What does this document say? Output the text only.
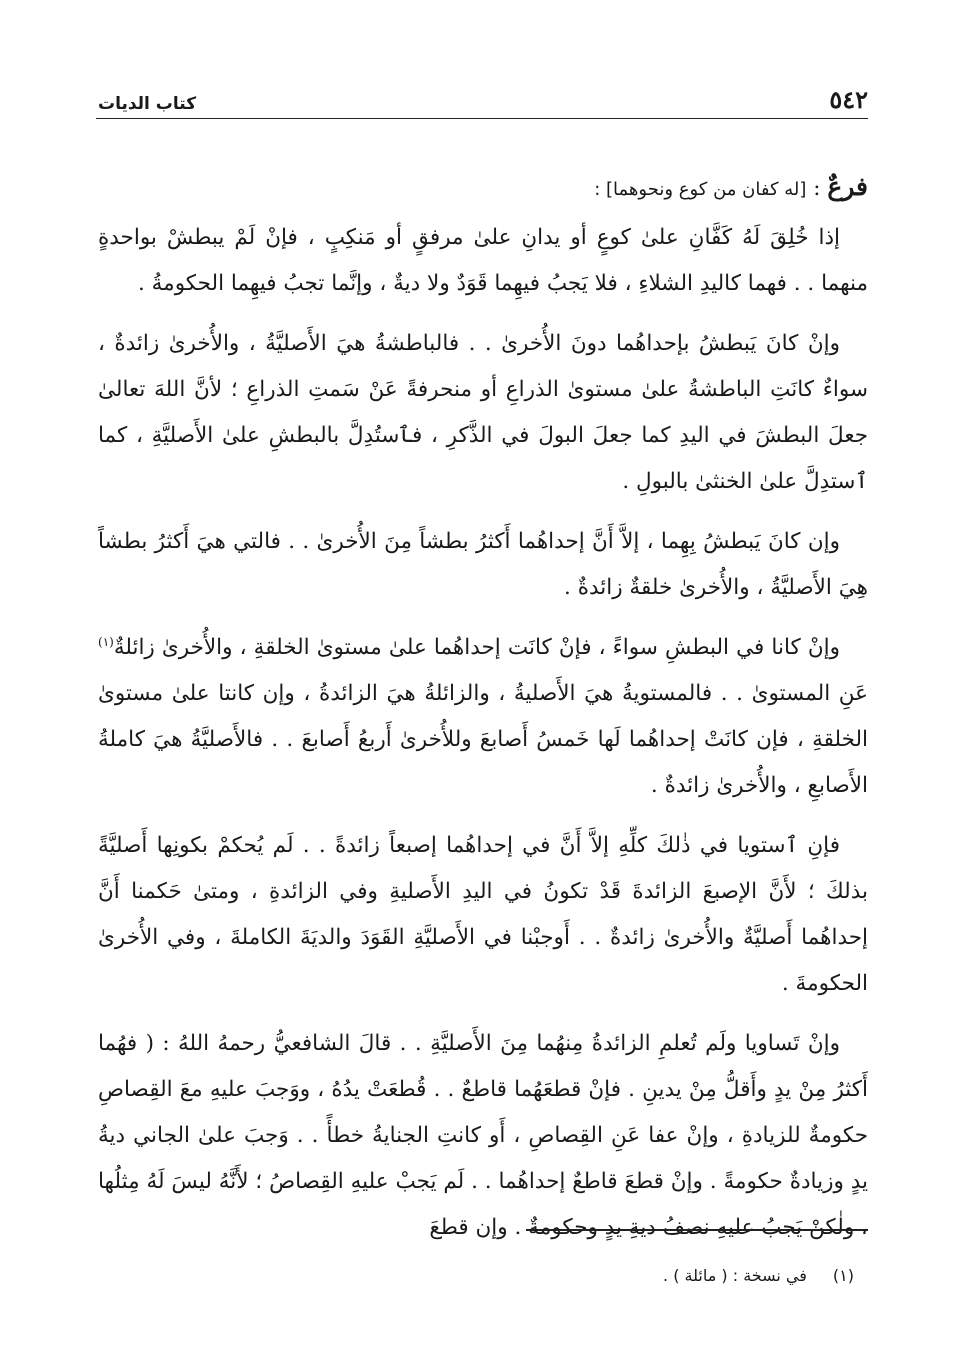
٥٤٢
كتاب الديات

فرعٌ : [له كفان من كوع ونحوهما] :

إذا خُلِقَ لَهُ كَفَّانِ علىٰ كوعٍ أو يدانِ علىٰ مرفقٍ أو مَنكِبٍ ، فإنْ لَمْ يبطشْ بواحدةٍ منهما . . فهما كاليدِ الشلاءِ ، فلا يَجبُ فيهِما قَوَدٌ ولا ديةٌ ، وإنَّما تجبُ فيهِما الحكومةُ .

وإنْ كانَ يَبطشُ بإحداهُما دونَ الأُخرىٰ . . فالباطشةُ هيَ الأَصليَّةُ ، والأُخرىٰ زائدةٌ ، سواءٌ كانَتِ الباطشةُ علىٰ مستوىٰ الذراعِ أو منحرفةً عَنْ سَمتِ الذراعِ ؛ لأنَّ اللهَ تعالىٰ جعلَ البطشَ في اليدِ كما جعلَ البولَ في الذَّكرِ ، فٱستُدِلَّ بالبطشِ علىٰ الأَصليَّةِ ، كما ٱستدِلَّ علىٰ الخنثىٰ بالبولِ .

وإن كانَ يَبطشُ بِهِما ، إلاَّ أَنَّ إحداهُما أَكثرُ بطشاً مِنَ الأُخرىٰ . . فالتي هيَ أَكثرُ بطشاً هِيَ الأَصليَّةُ ، والأُخرىٰ خلقةٌ زائدةٌ .

وإنْ كانا في البطشِ سواءً ، فإنْ كانَت إحداهُما علىٰ مستوىٰ الخلقةِ ، والأُخرىٰ زائلةٌ$^{(١)}$ عَنِ المستوىٰ . . فالمستويةُ هيَ الأَصليةُ ، والزائلةُ هيَ الزائدةُ ، وإن كانتا علىٰ مستوىٰ الخلقةِ ، فإن كانَتْ إحداهُما لَها خَمسُ أَصابعَ وللأُخرىٰ أَربعُ أَصابعَ . . فالأَصليَّةُ هيَ كاملةُ الأَصابعِ ، والأُخرىٰ زائدةٌ .

فإنِ ٱستويا في ذٰلكَ كلِّهِ إلاَّ أَنَّ في إحداهُما إصبعاً زائدةً . . لَم يُحكمْ بكونِها أَصليَّةً بذلكَ ؛ لأَنَّ الإصبعَ الزائدةَ قَدْ تكونُ في اليدِ الأَصليةِ وفي الزائدةِ ، ومتىٰ حَكمنا أَنَّ إحداهُما أَصليَّةٌ والأُخرىٰ زائدةٌ . . أَوجبْنا في الأَصليَّةِ القَوَدَ والديَةَ الكاملةَ ، وفي الأُخرىٰ الحكومةَ .

وإنْ تَساويا ولَم تُعلمِ الزائدةُ مِنهُما مِنَ الأَصليَّةِ . . قالَ الشافعيُّ رحمهُ اللهُ : ( فهُما أَكثرُ مِنْ يدٍ وأَقلُّ مِنْ يدينِ . فإنْ قطعَهُما قاطعٌ . . قُطعَتْ يدُهُ ، ووَجبَ عليهِ معَ القِصاصِ حكومةٌ للزيادةِ ، وإنْ عفا عَنِ القِصاصِ ، أَو كانتِ الجنايةُ خطأً . . وَجبَ علىٰ الجاني ديةُ يدٍ وزيادةٌ حكومةً . وإنْ قطعَ قاطعٌ إحداهُما . . لَم يَجبْ عليهِ القِصاصُ ؛ لأَنَّهُ ليسَ لَهُ مِثلُها ، ولٰكنْ يَجبُ عليهِ نصفُ ديةِ يدٍ وحكومةٌ . وإن قطعَ

(١)في نسخة : ( مائلة ) .
